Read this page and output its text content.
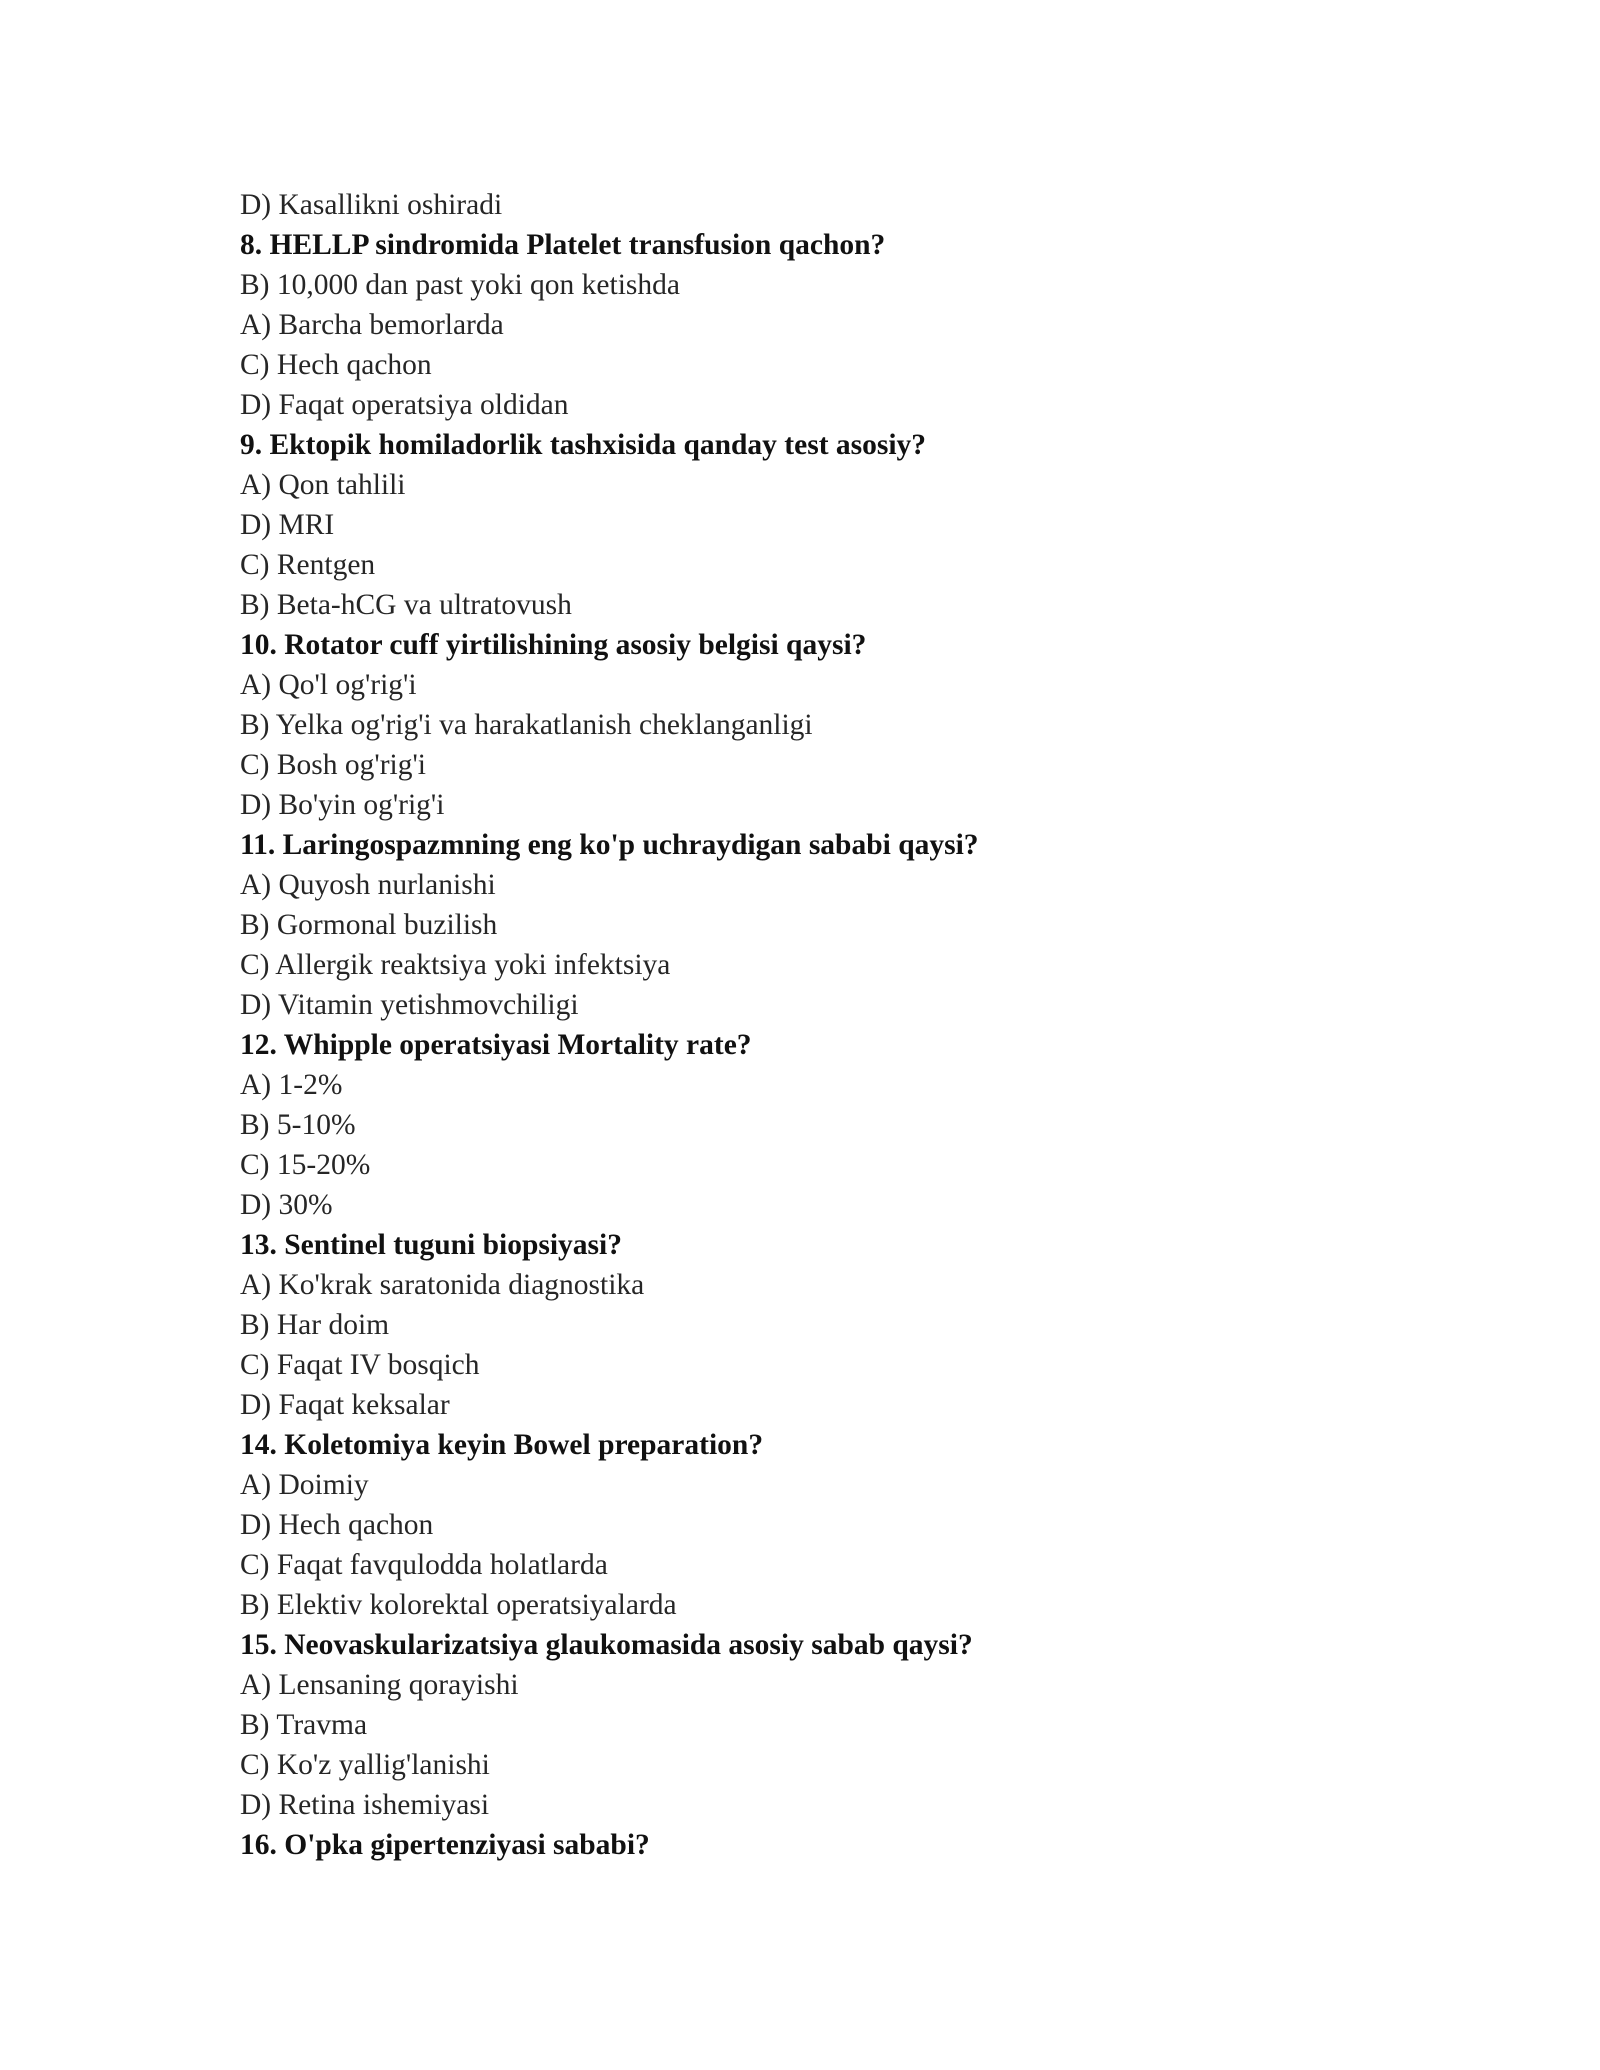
D) Kasallikni oshiradi
8. HELLP sindromida Platelet transfusion qachon?
B) 10,000 dan past yoki qon ketishda
A) Barcha bemorlarda
C) Hech qachon
D) Faqat operatsiya oldidan
9. Ektopik homiladorlik tashxisida qanday test asosiy?
A) Qon tahlili
D) MRI
C) Rentgen
B) Beta-hCG va ultratovush
10. Rotator cuff yirtilishining asosiy belgisi qaysi?
A) Qo'l og'rig'i
B) Yelka og'rig'i va harakatlanish cheklanganligi
C) Bosh og'rig'i
D) Bo'yin og'rig'i
11. Laringospazmning eng ko'p uchraydigan sababi qaysi?
A) Quyosh nurlanishi
B) Gormonal buzilish
C) Allergik reaktsiya yoki infektsiya
D) Vitamin yetishmovchiligi
12. Whipple operatsiyasi Mortality rate?
A) 1-2%
B) 5-10%
C) 15-20%
D) 30%
13. Sentinel tuguni biopsiyasi?
A) Ko'krak saratonida diagnostika
B) Har doim
C) Faqat IV bosqich
D) Faqat keksalar
14. Koletomiya keyin Bowel preparation?
A) Doimiy
D) Hech qachon
C) Faqat favqulodda holatlarda
B) Elektiv kolorektal operatsiyalarda
15. Neovaskularizatsiya glaukomasida asosiy sabab qaysi?
A) Lensaning qorayishi
B) Travma
C) Ko'z yallig'lanishi
D) Retina ishemiyasi
16. O'pka gipertenziyasi sababi?
